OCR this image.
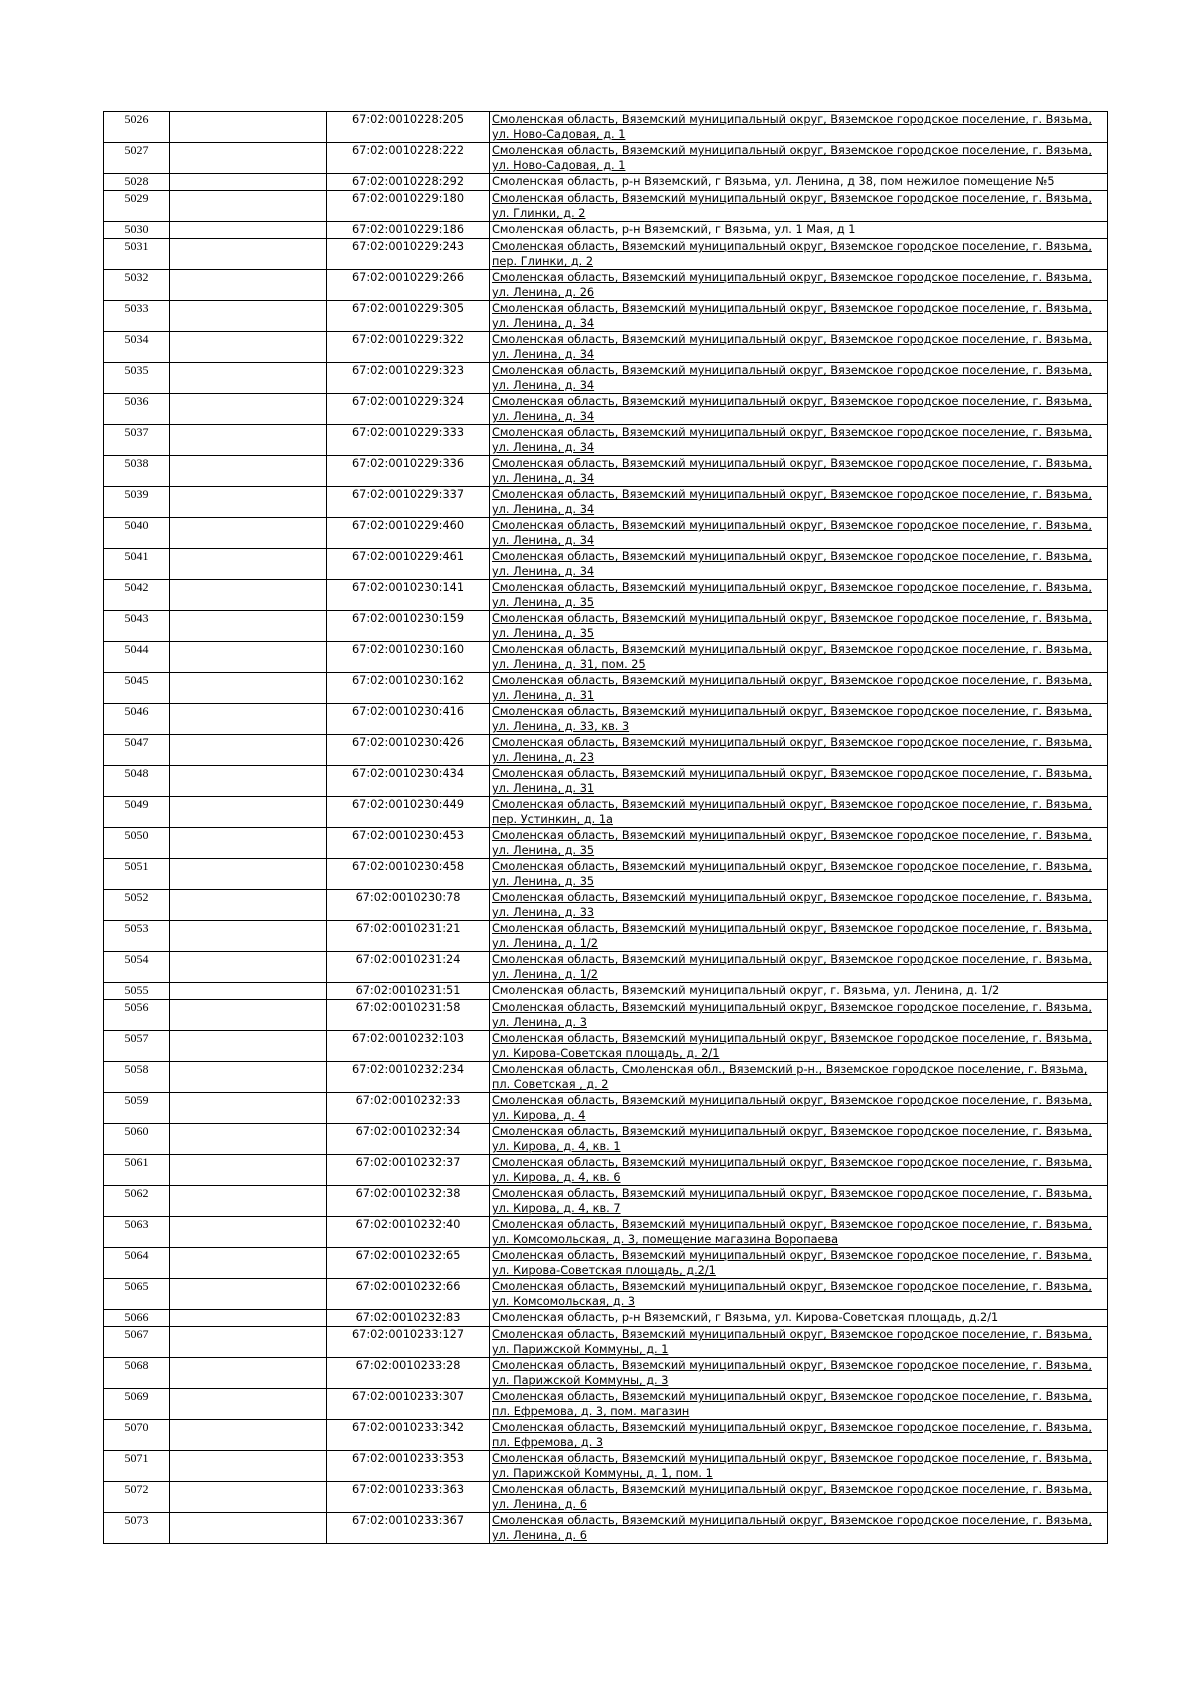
5026		67:02:0010228:205	Смоленская область, Вяземский муниципальный округ, Вяземское городское поселение, г. Вязьма, ул. Ново-Садовая, д. 1

5027		67:02:0010228:222	Смоленская область, Вяземский муниципальный округ, Вяземское городское поселение, г. Вязьма, ул. Ново-Садовая, д. 1

5028		67:02:0010228:292	Смоленская область, р-н Вяземский, г Вязьма, ул. Ленина, д 38, пом нежилое помещение №5

5029		67:02:0010229:180	Смоленская область, Вяземский муниципальный округ, Вяземское городское поселение, г. Вязьма, ул. Глинки, д. 2

5030		67:02:0010229:186	Смоленская область, р-н Вяземский, г Вязьма, ул. 1 Мая, д 1

5031		67:02:0010229:243	Смоленская область, Вяземский муниципальный округ, Вяземское городское поселение, г. Вязьма, пер. Глинки, д. 2

5032		67:02:0010229:266	Смоленская область, Вяземский муниципальный округ, Вяземское городское поселение, г. Вязьма, ул. Ленина, д. 26

5033		67:02:0010229:305	Смоленская область, Вяземский муниципальный округ, Вяземское городское поселение, г. Вязьма, ул. Ленина, д. 34

5034		67:02:0010229:322	Смоленская область, Вяземский муниципальный округ, Вяземское городское поселение, г. Вязьма, ул. Ленина, д. 34

5035		67:02:0010229:323	Смоленская область, Вяземский муниципальный округ, Вяземское городское поселение, г. Вязьма, ул. Ленина, д. 34

5036		67:02:0010229:324	Смоленская область, Вяземский муниципальный округ, Вяземское городское поселение, г. Вязьма, ул. Ленина, д. 34

5037		67:02:0010229:333	Смоленская область, Вяземский муниципальный округ, Вяземское городское поселение, г. Вязьма, ул. Ленина, д. 34

5038		67:02:0010229:336	Смоленская область, Вяземский муниципальный округ, Вяземское городское поселение, г. Вязьма, ул. Ленина, д. 34

5039		67:02:0010229:337	Смоленская область, Вяземский муниципальный округ, Вяземское городское поселение, г. Вязьма, ул. Ленина, д. 34

5040		67:02:0010229:460	Смоленская область, Вяземский муниципальный округ, Вяземское городское поселение, г. Вязьма, ул. Ленина, д. 34

5041		67:02:0010229:461	Смоленская область, Вяземский муниципальный округ, Вяземское городское поселение, г. Вязьма, ул. Ленина, д. 34

5042		67:02:0010230:141	Смоленская область, Вяземский муниципальный округ, Вяземское городское поселение, г. Вязьма, ул. Ленина, д. 35

5043		67:02:0010230:159	Смоленская область, Вяземский муниципальный округ, Вяземское городское поселение, г. Вязьма, ул. Ленина, д. 35

5044		67:02:0010230:160	Смоленская область, Вяземский муниципальный округ, Вяземское городское поселение, г. Вязьма, ул. Ленина, д. 31, пом. 25

5045		67:02:0010230:162	Смоленская область, Вяземский муниципальный округ, Вяземское городское поселение, г. Вязьма, ул. Ленина, д. 31

5046		67:02:0010230:416	Смоленская область, Вяземский муниципальный округ, Вяземское городское поселение, г. Вязьма, ул. Ленина, д. 33, кв. 3

5047		67:02:0010230:426	Смоленская область, Вяземский муниципальный округ, Вяземское городское поселение, г. Вязьма, ул. Ленина, д. 23

5048		67:02:0010230:434	Смоленская область, Вяземский муниципальный округ, Вяземское городское поселение, г. Вязьма, ул. Ленина, д. 31

5049		67:02:0010230:449	Смоленская область, Вяземский муниципальный округ, Вяземское городское поселение, г. Вязьма, пер. Устинкин, д. 1а

5050		67:02:0010230:453	Смоленская область, Вяземский муниципальный округ, Вяземское городское поселение, г. Вязьма, ул. Ленина, д. 35

5051		67:02:0010230:458	Смоленская область, Вяземский муниципальный округ, Вяземское городское поселение, г. Вязьма, ул. Ленина, д. 35

5052		67:02:0010230:78	Смоленская область, Вяземский муниципальный округ, Вяземское городское поселение, г. Вязьма, ул. Ленина, д. 33

5053		67:02:0010231:21	Смоленская область, Вяземский муниципальный округ, Вяземское городское поселение, г. Вязьма, ул. Ленина, д. 1/2

5054		67:02:0010231:24	Смоленская область, Вяземский муниципальный округ, Вяземское городское поселение, г. Вязьма, ул. Ленина, д. 1/2

5055		67:02:0010231:51	Смоленская область, Вяземский муниципальный округ, г. Вязьма, ул. Ленина, д. 1/2

5056		67:02:0010231:58	Смоленская область, Вяземский муниципальный округ, Вяземское городское поселение, г. Вязьма, ул. Ленина, д. 3

5057		67:02:0010232:103	Смоленская область, Вяземский муниципальный округ, Вяземское городское поселение, г. Вязьма, ул. Кирова-Советская площадь, д. 2/1

5058		67:02:0010232:234	Смоленская область, Смоленская обл., Вяземский р-н., Вяземское городское поселение, г. Вязьма, пл. Советская , д. 2

5059		67:02:0010232:33	Смоленская область, Вяземский муниципальный округ, Вяземское городское поселение, г. Вязьма, ул. Кирова, д. 4

5060		67:02:0010232:34	Смоленская область, Вяземский муниципальный округ, Вяземское городское поселение, г. Вязьма, ул. Кирова, д. 4, кв. 1

5061		67:02:0010232:37	Смоленская область, Вяземский муниципальный округ, Вяземское городское поселение, г. Вязьма, ул. Кирова, д. 4, кв. 6

5062		67:02:0010232:38	Смоленская область, Вяземский муниципальный округ, Вяземское городское поселение, г. Вязьма, ул. Кирова, д. 4, кв. 7

5063		67:02:0010232:40	Смоленская область, Вяземский муниципальный округ, Вяземское городское поселение, г. Вязьма, ул. Комсомольская, д. 3, помещение магазина Воропаева

5064		67:02:0010232:65	Смоленская область, Вяземский муниципальный округ, Вяземское городское поселение, г. Вязьма, ул. Кирова-Советская площадь, д.2/1

5065		67:02:0010232:66	Смоленская область, Вяземский муниципальный округ, Вяземское городское поселение, г. Вязьма, ул. Комсомольская, д. 3

5066		67:02:0010232:83	Смоленская область, р-н Вяземский, г Вязьма, ул. Кирова-Советская площадь, д.2/1

5067		67:02:0010233:127	Смоленская область, Вяземский муниципальный округ, Вяземское городское поселение, г. Вязьма, ул. Парижской Коммуны, д. 1

5068		67:02:0010233:28	Смоленская область, Вяземский муниципальный округ, Вяземское городское поселение, г. Вязьма, ул. Парижской Коммуны, д. 3

5069		67:02:0010233:307	Смоленская область, Вяземский муниципальный округ, Вяземское городское поселение, г. Вязьма, пл. Ефремова, д. 3, пом. магазин

5070		67:02:0010233:342	Смоленская область, Вяземский муниципальный округ, Вяземское городское поселение, г. Вязьма, пл. Ефремова, д. 3

5071		67:02:0010233:353	Смоленская область, Вяземский муниципальный округ, Вяземское городское поселение, г. Вязьма, ул. Парижской Коммуны, д. 1, пом. 1

5072		67:02:0010233:363	Смоленская область, Вяземский муниципальный округ, Вяземское городское поселение, г. Вязьма, ул. Ленина, д. 6

5073		67:02:0010233:367	Смоленская область, Вяземский муниципальный округ, Вяземское городское поселение, г. Вязьма, ул. Ленина, д. 6
